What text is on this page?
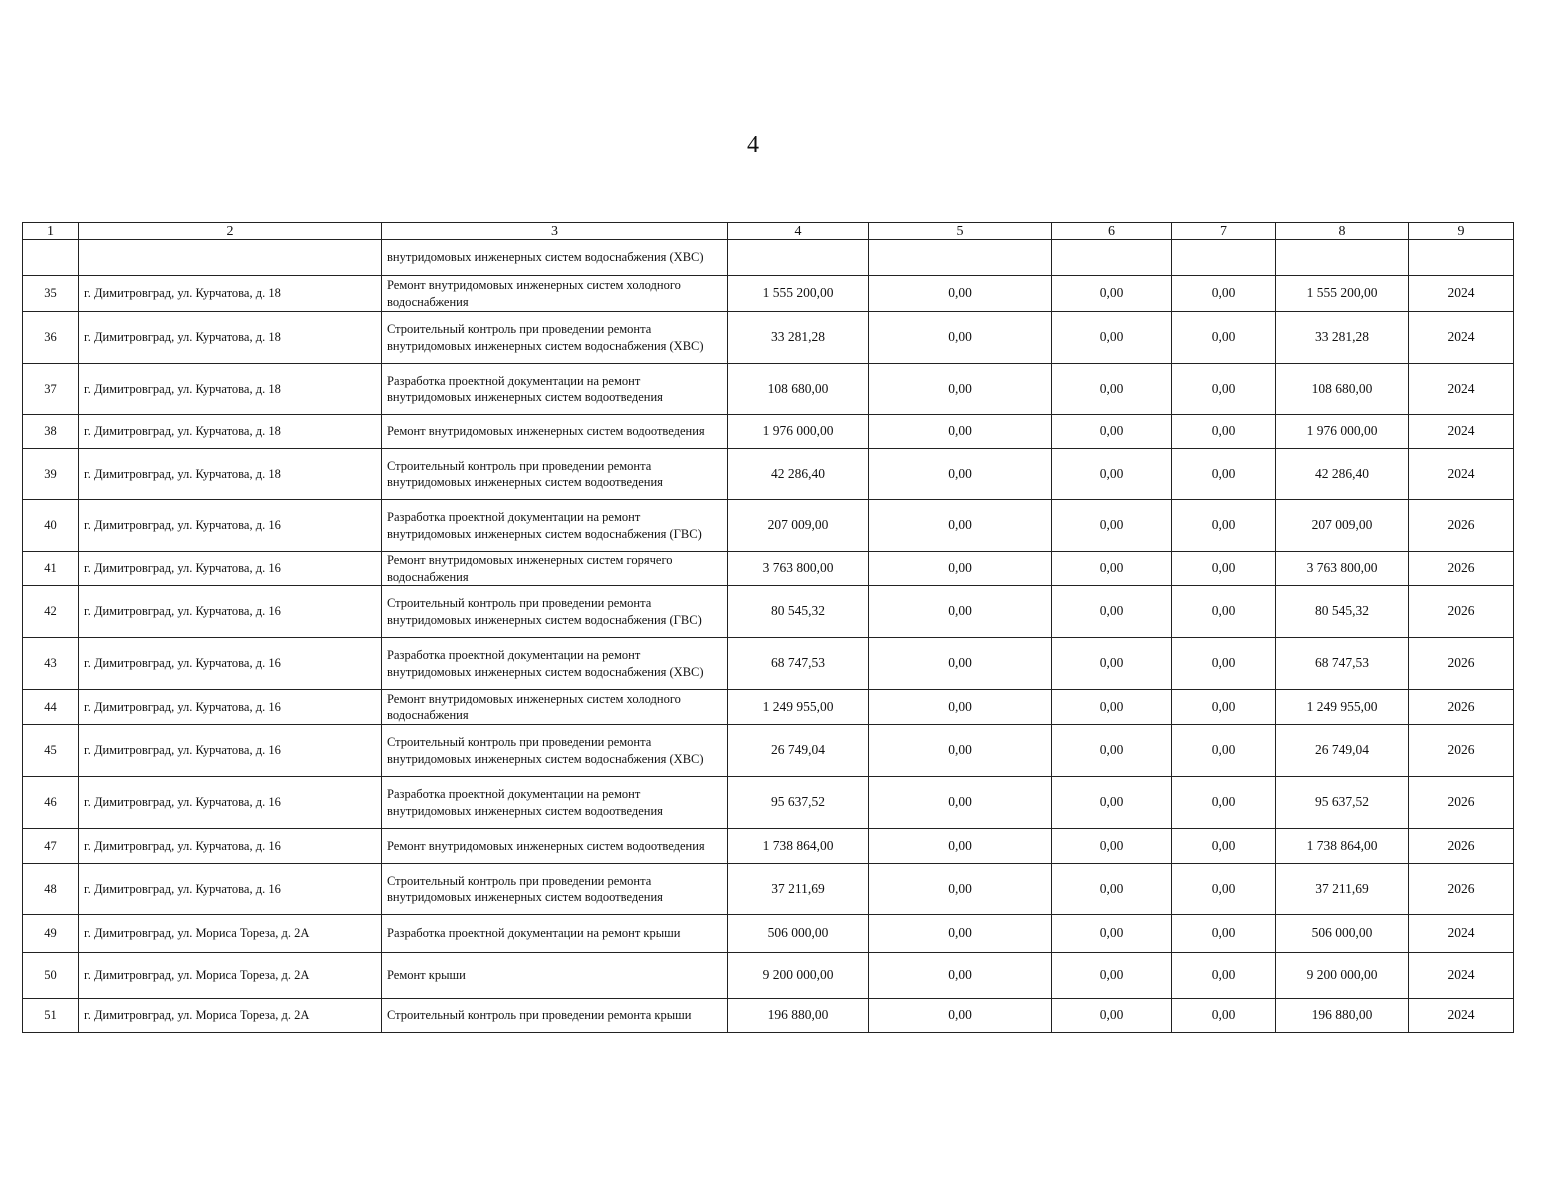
4
1	2	3	4	5	6	7	8	9
		внутридомовых инженерных систем водоснабжения (ХВС)						
35	г. Димитровград, ул. Курчатова, д. 18	Ремонт внутридомовых инженерных систем холодного водоснабжения	1 555 200,00	0,00	0,00	0,00	1 555 200,00	2024
36	г. Димитровград, ул. Курчатова, д. 18	Строительный контроль при проведении ремонта внутридомовых инженерных систем водоснабжения (ХВС)	33 281,28	0,00	0,00	0,00	33 281,28	2024
37	г. Димитровград, ул. Курчатова, д. 18	Разработка проектной документации на ремонт внутридомовых инженерных систем водоотведения	108 680,00	0,00	0,00	0,00	108 680,00	2024
38	г. Димитровград, ул. Курчатова, д. 18	Ремонт внутридомовых инженерных систем водоотведения	1 976 000,00	0,00	0,00	0,00	1 976 000,00	2024
39	г. Димитровград, ул. Курчатова, д. 18	Строительный контроль при проведении ремонта внутридомовых инженерных систем водоотведения	42 286,40	0,00	0,00	0,00	42 286,40	2024
40	г. Димитровград, ул. Курчатова, д. 16	Разработка проектной документации на ремонт внутридомовых инженерных систем водоснабжения (ГВС)	207 009,00	0,00	0,00	0,00	207 009,00	2026
41	г. Димитровград, ул. Курчатова, д. 16	Ремонт внутридомовых инженерных систем горячего водоснабжения	3 763 800,00	0,00	0,00	0,00	3 763 800,00	2026
42	г. Димитровград, ул. Курчатова, д. 16	Строительный контроль при проведении ремонта внутридомовых инженерных систем водоснабжения (ГВС)	80 545,32	0,00	0,00	0,00	80 545,32	2026
43	г. Димитровград, ул. Курчатова, д. 16	Разработка проектной документации на ремонт внутридомовых инженерных систем водоснабжения (ХВС)	68 747,53	0,00	0,00	0,00	68 747,53	2026
44	г. Димитровград, ул. Курчатова, д. 16	Ремонт внутридомовых инженерных систем холодного водоснабжения	1 249 955,00	0,00	0,00	0,00	1 249 955,00	2026
45	г. Димитровград, ул. Курчатова, д. 16	Строительный контроль при проведении ремонта внутридомовых инженерных систем водоснабжения (ХВС)	26 749,04	0,00	0,00	0,00	26 749,04	2026
46	г. Димитровград, ул. Курчатова, д. 16	Разработка проектной документации на ремонт внутридомовых инженерных систем водоотведения	95 637,52	0,00	0,00	0,00	95 637,52	2026
47	г. Димитровград, ул. Курчатова, д. 16	Ремонт внутридомовых инженерных систем водоотведения	1 738 864,00	0,00	0,00	0,00	1 738 864,00	2026
48	г. Димитровград, ул. Курчатова, д. 16	Строительный контроль при проведении ремонта внутридомовых инженерных систем водоотведения	37 211,69	0,00	0,00	0,00	37 211,69	2026
49	г. Димитровград, ул. Мориса Тореза, д. 2А	Разработка проектной документации на ремонт крыши	506 000,00	0,00	0,00	0,00	506 000,00	2024
50	г. Димитровград, ул. Мориса Тореза, д. 2А	Ремонт крыши	9 200 000,00	0,00	0,00	0,00	9 200 000,00	2024
51	г. Димитровград, ул. Мориса Тореза, д. 2А	Строительный контроль при проведении ремонта крыши	196 880,00	0,00	0,00	0,00	196 880,00	2024
